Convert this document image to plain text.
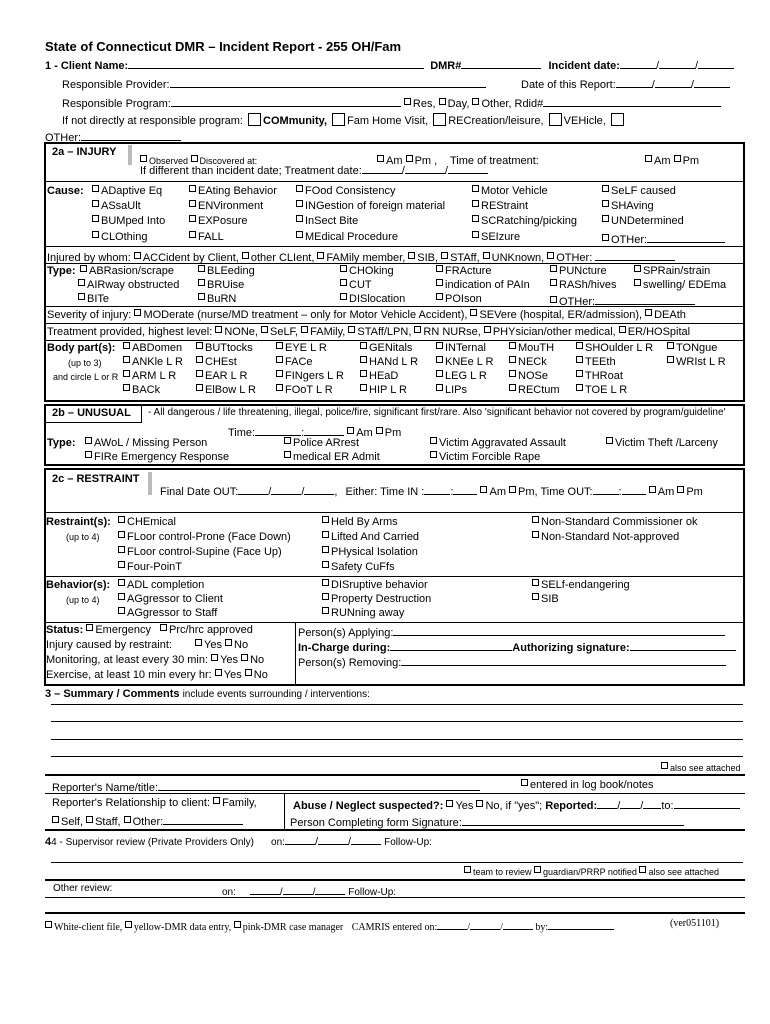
State of Connecticut DMR – Incident Report - 255 OH/Fam
1 - Client Name:	DMR#	Incident date:	/	/
Responsible Provider:	Date of this Report:	/	/
Responsible Program:	Res, Day, Other, Rdid#
If not directly at responsible program: COMmunity, Fam Home Visit, RECreation/leisure, VEHicle,
OTHer:
2a – INJURY
Observed Discovered at:
If different than incident date; Treatment date:	/	/
Am Pm , Time of treatment:	Am Pm
Cause:	ADaptive Eq	EAting Behavior	FOod Consistency	Motor Vehicle	SeLF caused
ASsaUlt	ENVironment	INGestion of foreign material	REStraint	SHAving
BUMped Into	EXPosure	InSect Bite	SCRatching/picking	UNDetermined
CLOthing	FALL	MEdical Procedure	SEIzure	OTHer:
Injured by whom: ACCident by Client, other CLIent, FAMily member, SIB, STAff, UNKnown, OTHer:
Type:	ABRasion/scrape	BLEeding	CHOking	FRActure	PUNcture	SPRain/strain
AIRway obstructed	BRUise	CUT	indication of PAIn	RASh/hives	swelling/ EDEma
BITe	BuRN	DISlocation	POIson	OTHer:
Severity of injury: MODerate (nurse/MD treatment – only for Motor Vehicle Accident), SEVere (hospital, ER/admission), DEAth
Treatment provided, highest level: NONe, SeLF, FAMily, STAff/LPN, RN NURse, PHYsician/other medical, ER/HOSpital
Body part(s):
(up to 3)
and circle L or R
ABDomen	BUTtocks	EYE L R	GENitals	INTernal	MouTH	SHOulder L R	TONgue
ANKle L R	CHEst	FACe	HANd L R	KNEe L R	NECk	TEEth	WRIst L R
ARM L R	EAR L R	FINgers L R	HEaD	LEG L R	NOSe	THRoat
BACk	ElBow L R	FOoT L R	HIP L R	LIPs	RECtum	TOE L R
2b – UNUSUAL - All dangerous / life threatening, illegal, police/fire, significant first/rare. Also 'significant behavior not covered by program/guideline'
Time:	:	Am Pm
Type:	AWoL / Missing Person	Police ARrest	Victim Aggravated Assault	Victim Theft /Larceny
FIRe Emergency Response	medical ER Admit	Victim Forcible Rape
2c – RESTRAINT
Final Date OUT:	/	/	, Either: Time IN : :	Am Pm, Time OUT: :	Am Pm
Restraint(s):
(up to 4)
CHEmical	Held By Arms	Non-Standard Commissioner ok
FLoor control-Prone (Face Down)	Lifted And Carried	Non-Standard Not-approved
FLoor control-Supine (Face Up)	PHysical Isolation
Four-PoinT	Safety CuFfs
Behavior(s):
(up to 4)
ADL completion	DISruptive behavior	SELf-endangering
AGgressor to Client	Property Destruction	SIB
AGgressor to Staff	RUNning away
Status: Emergency Prc/hrc approved
Injury caused by restraint:	Yes No
Monitoring, at least every 30 min: Yes No
Exercise, at least 10 min every hr: Yes No
Person(s) Applying:
In-Charge during:	Authorizing signature:
Person(s) Removing:
3 – Summary / Comments include events surrounding / interventions:
also see attached
Reporter's Name/title:	entered in log book/notes
Reporter's Relationship to client: Family,
Self, Staff, Other:
Abuse / Neglect suspected?: Yes No, if "yes"; Reported: / / to:
Person Completing form Signature:
44 - Supervisor review (Private Providers Only) on:	/	/	Follow-Up:
team to review guardian/PRRP notified also see attached
Other review:	on:	/	/	Follow-Up:
White-client file, yellow-DMR data entry, pink-DMR case manager CAMRIS entered on:	/	/	by:	(ver051101)
